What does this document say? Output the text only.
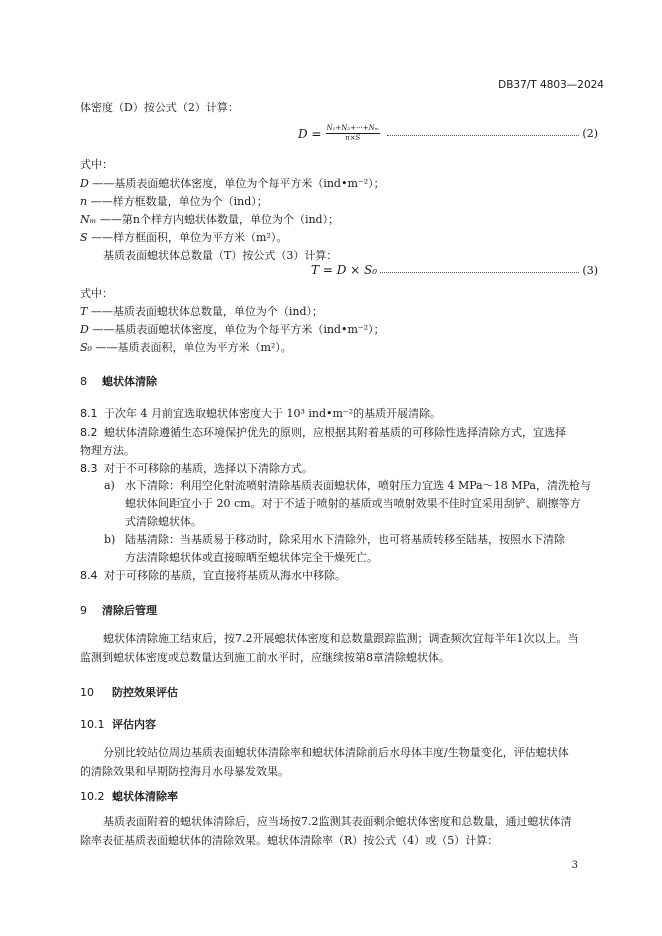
DB37/T 4803—2024
体密度（D）按公式（2）计算：
$D = \frac{\text{N₁+N₂+···+Nₘ}}{n\times S}$	(2)
式中：
D ——基质表面螅状体密度，单位为个每平方米（ind•m⁻²）；
n ——样方框数量，单位为个（ind）；
Nₘ ——第n个样方内螅状体数量，单位为个（ind）；
S ——样方框面积，单位为平方米（m²）。
基质表面螅状体总数量（T）按公式（3）计算：
T = D × S₀	(3)
式中：
T ——基质表面螅状体总数量，单位为个（ind）；
D ——基质表面螅状体密度，单位为个每平方米（ind•m⁻²）；
S₀ ——基质表面积，单位为平方米（m²）。
8 螅状体清除
8.1 于次年 4 月前宜选取螅状体密度大于 10³ ind•m⁻²的基质开展清除。
8.2 螅状体清除遵循生态环境保护优先的原则，应根据其附着基质的可移除性选择清除方式，宜选择
物理方法。
8.3 对于不可移除的基质，选择以下清除方式。
a) 水下清除：利用空化射流喷射清除基质表面螅状体，喷射压力宜选 4 MPa～18 MPa，清洗枪与
螅状体间距宜小于 20 cm。对于不适于喷射的基质或当喷射效果不佳时宜采用刮铲、刷擦等方
式清除螅状体。
b) 陆基清除：当基质易于移动时，除采用水下清除外，也可将基质转移至陆基，按照水下清除
方法清除螅状体或直接晾晒至螅状体完全干燥死亡。
8.4 对于可移除的基质，宜直接将基质从海水中移除。
9 清除后管理
螅状体清除施工结束后，按7.2开展螅状体密度和总数量跟踪监测；调查频次宜每半年1次以上。当
监测到螅状体密度或总数量达到施工前水平时，应继续按第8章清除螅状体。
10 防控效果评估
10.1 评估内容
分别比较站位周边基质表面螅状体清除率和螅状体清除前后水母体丰度/生物量变化，评估螅状体
的清除效果和早期防控海月水母暴发效果。
10.2 螅状体清除率
基质表面附着的螅状体清除后，应当场按7.2监测其表面剩余螅状体密度和总数量，通过螅状体清
除率表征基质表面螅状体的清除效果。螅状体清除率（R）按公式（4）或（5）计算：
3
